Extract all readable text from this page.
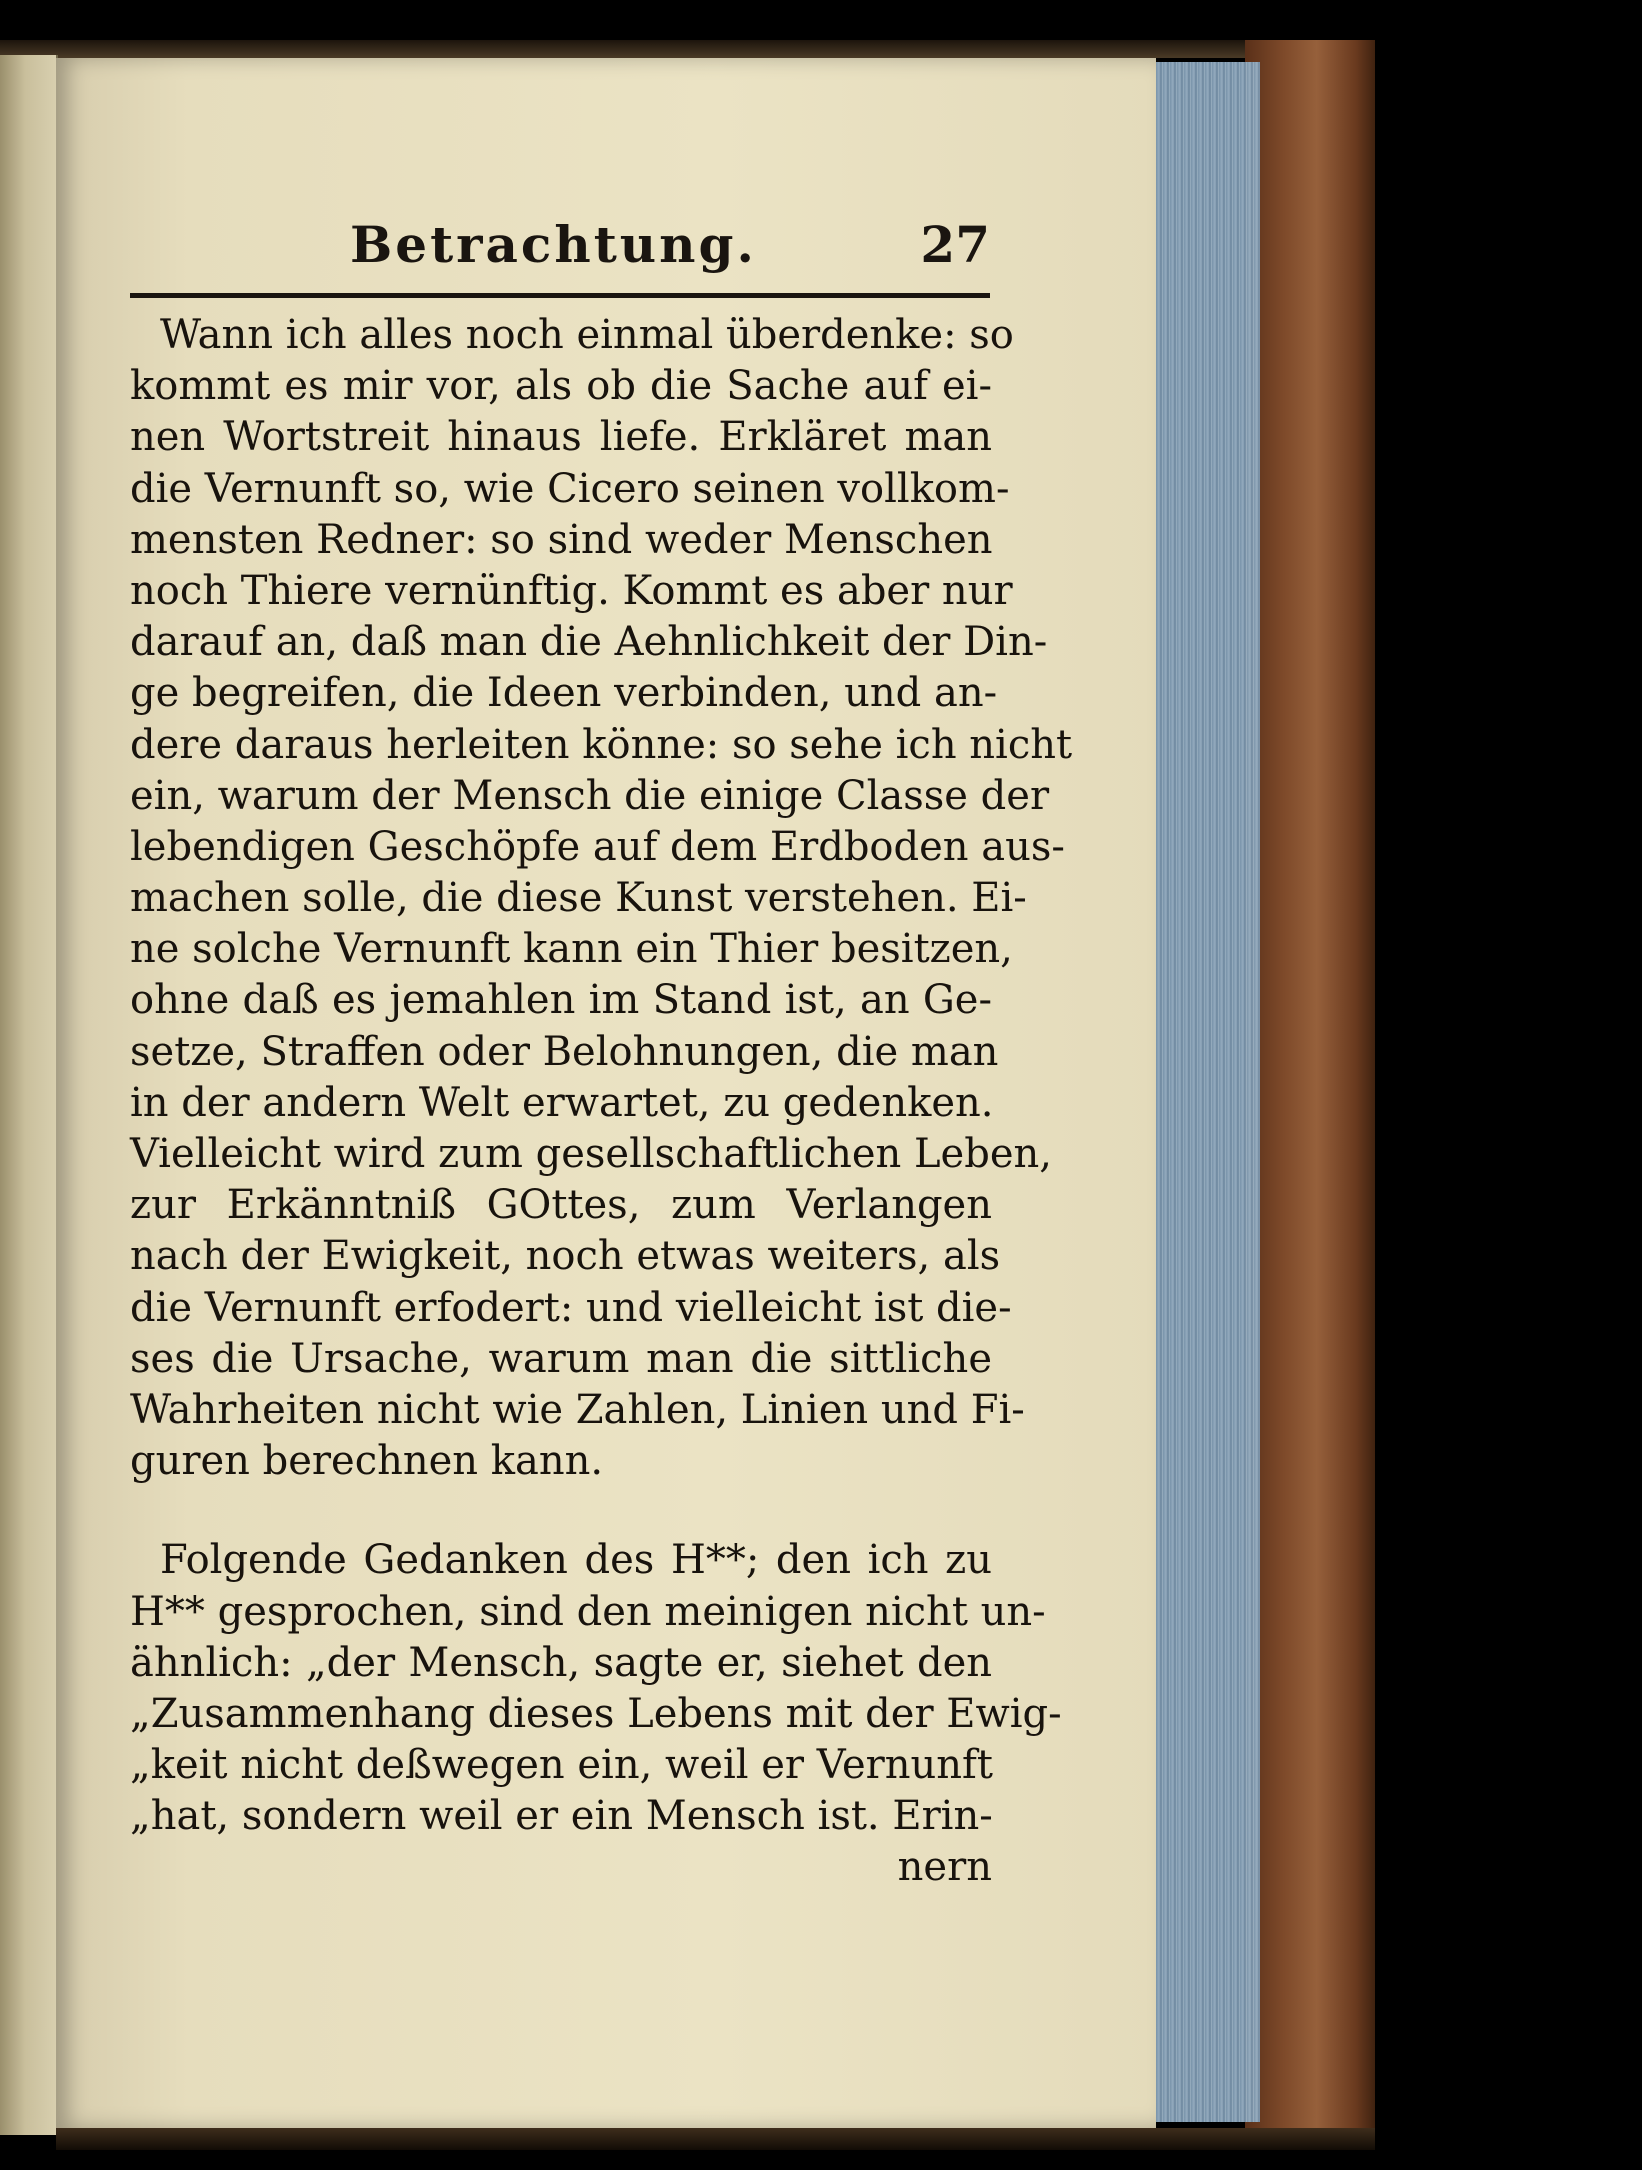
Betrachtung.	27
Wann ich alles noch einmal überdenke: so
kommt es mir vor, als ob die Sache auf ei-
nen Wortstreit hinaus liefe. Erkläret man
die Vernunft so, wie Cicero seinen vollkom-
mensten Redner: so sind weder Menschen
noch Thiere vernünftig. Kommt es aber nur
darauf an, daß man die Aehnlichkeit der Din-
ge begreifen, die Ideen verbinden, und an-
dere daraus herleiten könne: so sehe ich nicht
ein, warum der Mensch die einige Classe der
lebendigen Geschöpfe auf dem Erdboden aus-
machen solle, die diese Kunst verstehen. Ei-
ne solche Vernunft kann ein Thier besitzen,
ohne daß es jemahlen im Stand ist, an Ge-
setze, Straffen oder Belohnungen, die man
in der andern Welt erwartet, zu gedenken.
Vielleicht wird zum gesellschaftlichen Leben,
zur Erkänntniß GOttes, zum Verlangen
nach der Ewigkeit, noch etwas weiters, als
die Vernunft erfodert: und vielleicht ist die-
ses die Ursache, warum man die sittliche
Wahrheiten nicht wie Zahlen, Linien und Fi-
guren berechnen kann.
Folgende Gedanken des H**; den ich zu
H** gesprochen, sind den meinigen nicht un-
ähnlich: „der Mensch, sagte er, siehet den
„Zusammenhang dieses Lebens mit der Ewig-
„keit nicht deßwegen ein, weil er Vernunft
„hat, sondern weil er ein Mensch ist. Erin-
nern
